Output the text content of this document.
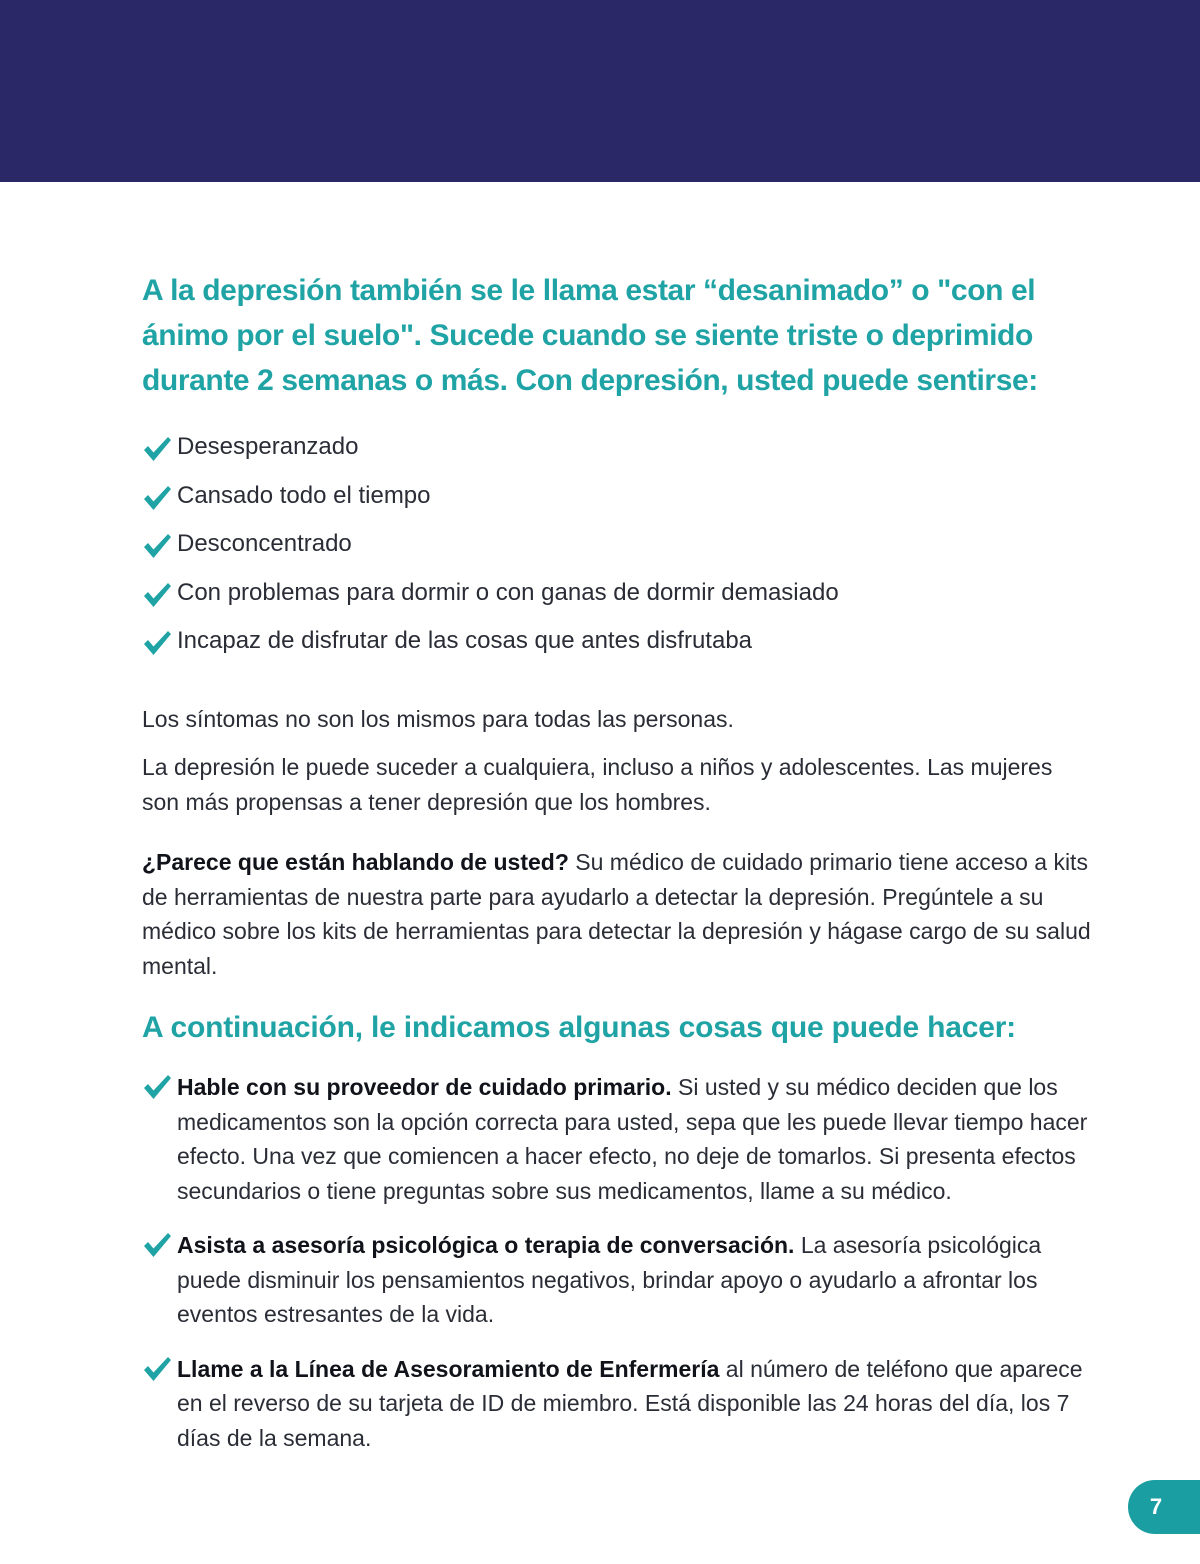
A la depresión también se le llama estar “desanimado” o "con el ánimo por el suelo". Sucede cuando se siente triste o deprimido durante 2 semanas o más. Con depresión, usted puede sentirse:
Desesperanzado
Cansado todo el tiempo
Desconcentrado
Con problemas para dormir o con ganas de dormir demasiado
Incapaz de disfrutar de las cosas que antes disfrutaba

Los síntomas no son los mismos para todas las personas.

La depresión le puede suceder a cualquiera, incluso a niños y adolescentes. Las mujeres son más propensas a tener depresión que los hombres.

¿Parece que están hablando de usted? Su médico de cuidado primario tiene acceso a kits de herramientas de nuestra parte para ayudarlo a detectar la depresión. Pregúntele a su médico sobre los kits de herramientas para detectar la depresión y hágase cargo de su salud mental.

A continuación, le indicamos algunas cosas que puede hacer:
Hable con su proveedor de cuidado primario. Si usted y su médico deciden que los medicamentos son la opción correcta para usted, sepa que les puede llevar tiempo hacer efecto. Una vez que comiencen a hacer efecto, no deje de tomarlos. Si presenta efectos secundarios o tiene preguntas sobre sus medicamentos, llame a su médico.
Asista a asesoría psicológica o terapia de conversación. La asesoría psicológica puede disminuir los pensamientos negativos, brindar apoyo o ayudarlo a afrontar los eventos estresantes de la vida.
Llame a la Línea de Asesoramiento de Enfermería al número de teléfono que aparece en el reverso de su tarjeta de ID de miembro. Está disponible las 24 horas del día, los 7 días de la semana.
7
